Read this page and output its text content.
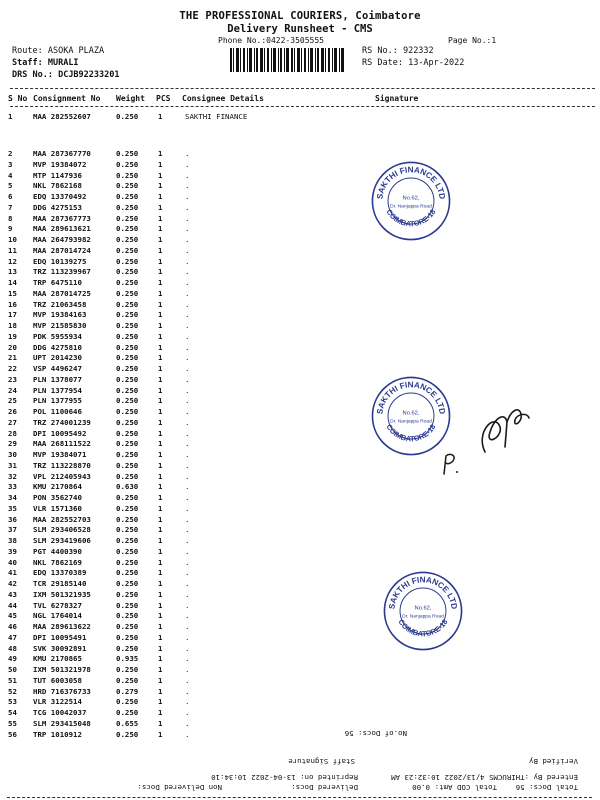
THE PROFESSIONAL COURIERS, Coimbatore
Delivery Runsheet - CMS
Phone No.:0422-3505555	Page No.:1
Route: ASOKA PLAZA
Staff: MURALI
DRS No.: DCJB92233201
RS No.: 922332
RS Date: 13-Apr-2022
S No Consignment No Weight PCS Consignee Details	Signature
1	MAA 282552607	0.250	1	SAKTHI FINANCE
2	MAA 287367770	0.250	1	.
3	MVP 19384072	0.250	1	.
4	MTP 1147936	0.250	1	.
5	NKL 7862168	0.250	1	.
6	EDQ 13370492	0.250	1	.
7	DDG 4275153	0.250	1	.
8	MAA 287367773	0.250	1	.
9	MAA 289613621	0.250	1	.
10	MAA 264793982	0.250	1	.
11	MAA 287014724	0.250	1	.
12	EDQ 10139275	0.250	1	.
13	TRZ 113239967	0.250	1	.
14	TRP 6475110	0.250	1	.
15	MAA 287014725	0.250	1	.
16	TRZ 21063458	0.250	1	.
17	MVP 19384163	0.250	1	.
18	MVP 21585830	0.250	1	.
19	PDK 5955934	0.250	1	.
20	DDG 4275810	0.250	1	.
21	UPT 2014230	0.250	1	.
22	VSP 4496247	0.250	1	.
23	PLN 1378077	0.250	1	.
24	PLN 1377954	0.250	1	.
25	PLN 1377955	0.250	1	.
26	POL 1100646	0.250	1	.
27	TRZ 274001239	0.250	1	.
28	DPI 10095492	0.250	1	.
29	MAA 268111522	0.250	1	.
30	MVP 19384071	0.250	1	.
31	TRZ 113228870	0.250	1	.
32	VPL 212405943	0.250	1	.
33	KMU 2170864	0.630	1	.
34	PON 3562740	0.250	1	.
35	VLR 1571360	0.250	1	.
36	MAA 282552703	0.250	1	.
37	SLM 293406528	0.250	1	.
38	SLM 293419606	0.250	1	.
39	PGT 4400390	0.250	1	.
40	NKL 7862169	0.250	1	.
41	EDQ 13370389	0.250	1	.
42	TCR 29185140	0.250	1	.
43	IXM 501321935	0.250	1	.
44	TVL 6278327	0.250	1	.
45	NGL 1764014	0.250	1	.
46	MAA 289613622	0.250	1	.
47	DPI 10095491	0.250	1	.
48	SVK 30092891	0.250	1	.
49	KMU 2170865	0.935	1	.
50	IXM 501321978	0.250	1	.
51	TUT 6003058	0.250	1	.
52	HRD 716376733	0.279	1	.
53	VLR 3122514	0.250	1	.
54	TCG 10042037	0.250	1	.
55	SLM 293415048	0.655	1	.
56	TRP 1010912	0.250	1	.
SAKTHI FINANCE LTD
COIMBATORE-18
No.62,
Dr. Nanjappa Road
SAKTHI FINANCE LTD
COIMBATORE-18
No.62,
Dr. Nanjappa Road
SAKTHI FINANCE LTD
COIMBATORE-18
No.62,
Dr. Nanjappa Road
Total Docs: 56
Total COD Amt:
0.00
Delivered Docs:
Non Delivered Docs:
Entered By :THIRUCMS 4/13/2022 10:32:23 AM
Reprinted on: 13-04-2022 10:34:10
Verified By
Staff Signature
No.of Docs: 56
